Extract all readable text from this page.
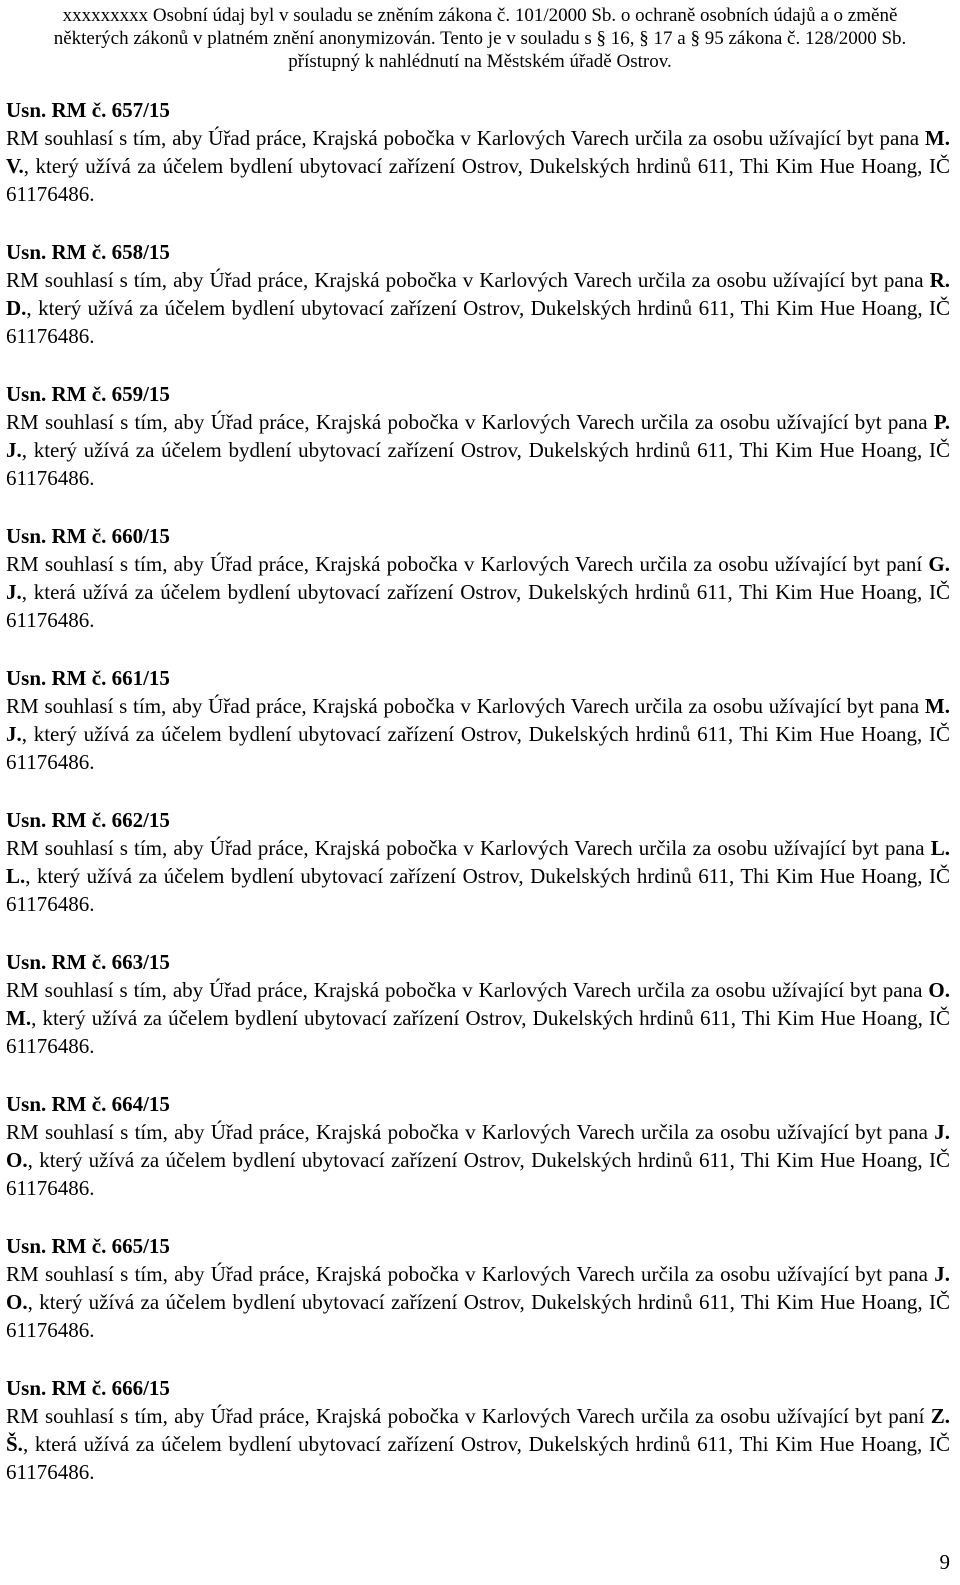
xxxxxxxxx Osobní údaj byl v souladu se zněním zákona č. 101/2000 Sb. o ochraně osobních údajů a o změně
některých zákonů v platném znění anonymizován. Tento je v souladu s § 16, § 17 a § 95 zákona č. 128/2000 Sb.
přístupný k nahlédnutí na Městském úřadě Ostrov.

Usn. RM č. 657/15

RM souhlasí s tím, aby Úřad práce, Krajská pobočka v Karlových Varech určila za osobu užívající byt pana M. V., který užívá za účelem bydlení ubytovací zařízení Ostrov, Dukelských hrdinů 611, Thi Kim Hue Hoang, IČ 61176486.

Usn. RM č. 658/15

RM souhlasí s tím, aby Úřad práce, Krajská pobočka v Karlových Varech určila za osobu užívající byt pana R. D., který užívá za účelem bydlení ubytovací zařízení Ostrov, Dukelských hrdinů 611, Thi Kim Hue Hoang, IČ 61176486.

Usn. RM č. 659/15

RM souhlasí s tím, aby Úřad práce, Krajská pobočka v Karlových Varech určila za osobu užívající byt pana P. J., který užívá za účelem bydlení ubytovací zařízení Ostrov, Dukelských hrdinů 611, Thi Kim Hue Hoang, IČ 61176486.

Usn. RM č. 660/15

RM souhlasí s tím, aby Úřad práce, Krajská pobočka v Karlových Varech určila za osobu užívající byt paní G. J., která užívá za účelem bydlení ubytovací zařízení Ostrov, Dukelských hrdinů 611, Thi Kim Hue Hoang, IČ 61176486.

Usn. RM č. 661/15

RM souhlasí s tím, aby Úřad práce, Krajská pobočka v Karlových Varech určila za osobu užívající byt pana M. J., který užívá za účelem bydlení ubytovací zařízení Ostrov, Dukelských hrdinů 611, Thi Kim Hue Hoang, IČ 61176486.

Usn. RM č. 662/15

RM souhlasí s tím, aby Úřad práce, Krajská pobočka v Karlových Varech určila za osobu užívající byt pana L. L., který užívá za účelem bydlení ubytovací zařízení Ostrov, Dukelských hrdinů 611, Thi Kim Hue Hoang, IČ 61176486.

Usn. RM č. 663/15

RM souhlasí s tím, aby Úřad práce, Krajská pobočka v Karlových Varech určila za osobu užívající byt pana O. M., který užívá za účelem bydlení ubytovací zařízení Ostrov, Dukelských hrdinů 611, Thi Kim Hue Hoang, IČ 61176486.

Usn. RM č. 664/15

RM souhlasí s tím, aby Úřad práce, Krajská pobočka v Karlových Varech určila za osobu užívající byt pana J. O., který užívá za účelem bydlení ubytovací zařízení Ostrov, Dukelských hrdinů 611, Thi Kim Hue Hoang, IČ 61176486.

Usn. RM č. 665/15

RM souhlasí s tím, aby Úřad práce, Krajská pobočka v Karlových Varech určila za osobu užívající byt pana J. O., který užívá za účelem bydlení ubytovací zařízení Ostrov, Dukelských hrdinů 611, Thi Kim Hue Hoang, IČ 61176486.

Usn. RM č. 666/15

RM souhlasí s tím, aby Úřad práce, Krajská pobočka v Karlových Varech určila za osobu užívající byt paní Z. Š., která užívá za účelem bydlení ubytovací zařízení Ostrov, Dukelských hrdinů 611, Thi Kim Hue Hoang, IČ 61176486.

9
